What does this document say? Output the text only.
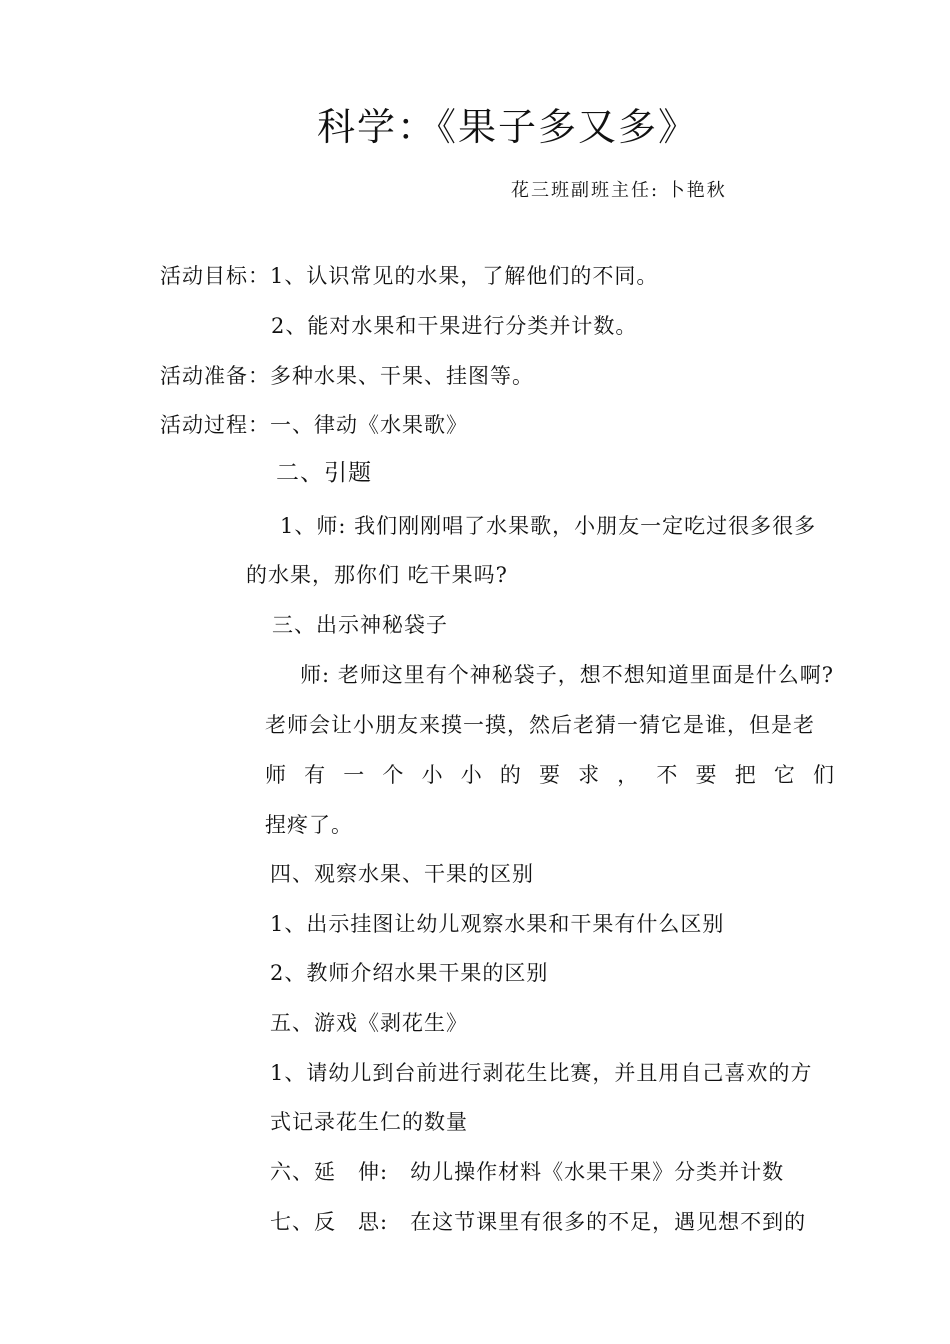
科学：《果子多又多》
花三班副班主任: 卜艳秋
活动目标：1、认识常见的水果，了解他们的不同。
2、能对水果和干果进行分类并计数。
活动准备：多种水果、干果、挂图等。
活动过程：一、律动《水果歌》
二、引题
1、师: 我们刚刚唱了水果歌，小朋友一定吃过很多很多
的水果，那你们 吃干果吗?
三、出示神秘袋子
师: 老师这里有个神秘袋子，想不想知道里面是什么啊?
老师会让小朋友来摸一摸，然后老猜一猜它是谁，但是老
师 有 一 个 小 小 的 要 求 ， 不 要 把 它 们
捏疼了。
四、观察水果、干果的区别
1、出示挂图让幼儿观察水果和干果有什么区别
2、教师介绍水果干果的区别
五、游戏《剥花生》
1、请幼儿到台前进行剥花生比赛，并且用自己喜欢的方
式记录花生仁的数量
六、延　伸:　幼儿操作材料《水果干果》分类并计数
七、反　思:　在这节课里有很多的不足，遇见想不到的
